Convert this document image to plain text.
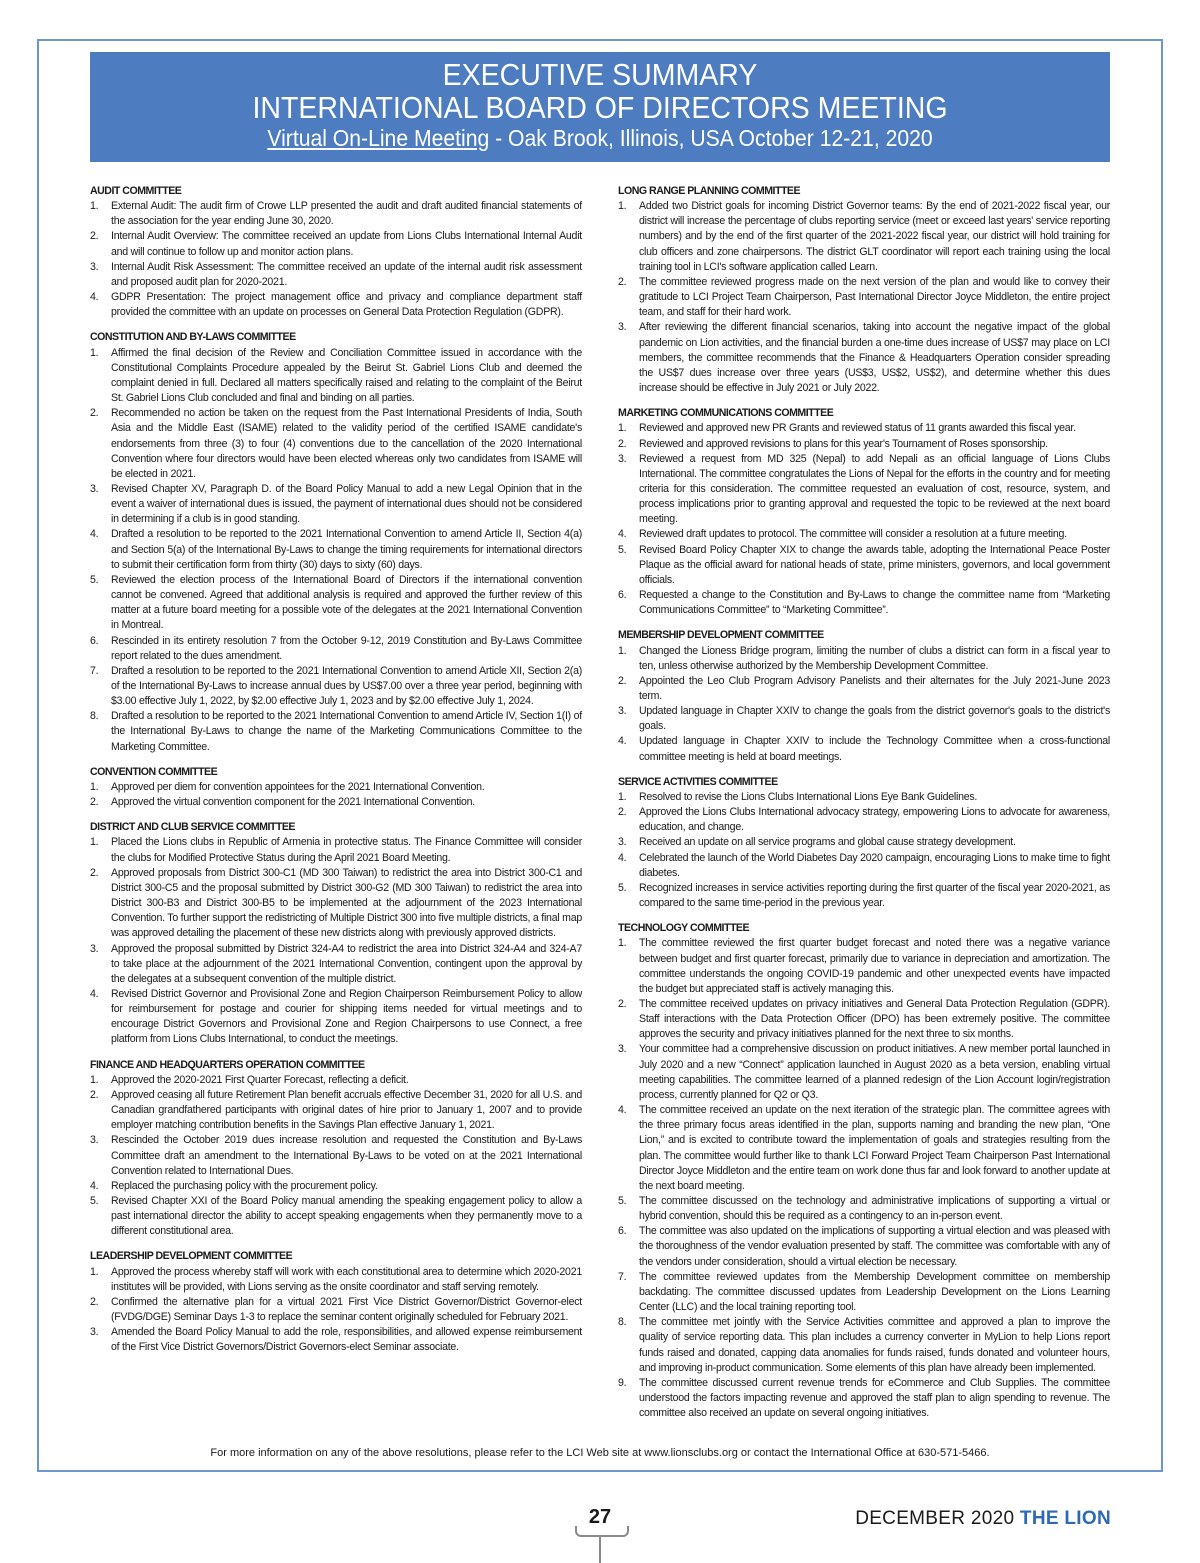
EXECUTIVE SUMMARY
INTERNATIONAL BOARD OF DIRECTORS MEETING
Virtual On-Line Meeting - Oak Brook, Illinois, USA October 12-21, 2020
AUDIT COMMITTEE
1. External Audit: The audit firm of Crowe LLP presented the audit and draft audited financial statements of the association for the year ending June 30, 2020.
2. Internal Audit Overview: The committee received an update from Lions Clubs International Internal Audit and will continue to follow up and monitor action plans.
3. Internal Audit Risk Assessment: The committee received an update of the internal audit risk assessment and proposed audit plan for 2020-2021.
4. GDPR Presentation: The project management office and privacy and compliance department staff provided the committee with an update on processes on General Data Protection Regulation (GDPR).
CONSTITUTION AND BY-LAWS COMMITTEE
1. Affirmed the final decision of the Review and Conciliation Committee issued in accordance with the Constitutional Complaints Procedure appealed by the Beirut St. Gabriel Lions Club and deemed the complaint denied in full. Declared all matters specifically raised and relating to the complaint of the Beirut St. Gabriel Lions Club concluded and final and binding on all parties.
2. Recommended no action be taken on the request from the Past International Presidents of India, South Asia and the Middle East (ISAME) related to the validity period of the certified ISAME candidate's endorsements from three (3) to four (4) conventions due to the cancellation of the 2020 International Convention where four directors would have been elected whereas only two candidates from ISAME will be elected in 2021.
3. Revised Chapter XV, Paragraph D. of the Board Policy Manual to add a new Legal Opinion that in the event a waiver of international dues is issued, the payment of international dues should not be considered in determining if a club is in good standing.
4. Drafted a resolution to be reported to the 2021 International Convention to amend Article II, Section 4(a) and Section 5(a) of the International By-Laws to change the timing requirements for international directors to submit their certification form from thirty (30) days to sixty (60) days.
5. Reviewed the election process of the International Board of Directors if the international convention cannot be convened. Agreed that additional analysis is required and approved the further review of this matter at a future board meeting for a possible vote of the delegates at the 2021 International Convention in Montreal.
6. Rescinded in its entirety resolution 7 from the October 9-12, 2019 Constitution and By-Laws Committee report related to the dues amendment.
7. Drafted a resolution to be reported to the 2021 International Convention to amend Article XII, Section 2(a) of the International By-Laws to increase annual dues by US$7.00 over a three year period, beginning with $3.00 effective July 1, 2022, by $2.00 effective July 1, 2023 and by $2.00 effective July 1, 2024.
8. Drafted a resolution to be reported to the 2021 International Convention to amend Article IV, Section 1(I) of the International By-Laws to change the name of the Marketing Communications Committee to the Marketing Committee.
CONVENTION COMMITTEE
1. Approved per diem for convention appointees for the 2021 International Convention.
2. Approved the virtual convention component for the 2021 International Convention.
DISTRICT AND CLUB SERVICE COMMITTEE
1. Placed the Lions clubs in Republic of Armenia in protective status. The Finance Committee will consider the clubs for Modified Protective Status during the April 2021 Board Meeting.
2. Approved proposals from District 300-C1 (MD 300 Taiwan) to redistrict the area into District 300-C1 and District 300-C5 and the proposal submitted by District 300-G2 (MD 300 Taiwan) to redistrict the area into District 300-B3 and District 300-B5 to be implemented at the adjournment of the 2023 International Convention. To further support the redistricting of Multiple District 300 into five multiple districts, a final map was approved detailing the placement of these new districts along with previously approved districts.
3. Approved the proposal submitted by District 324-A4 to redistrict the area into District 324-A4 and 324-A7 to take place at the adjournment of the 2021 International Convention, contingent upon the approval by the delegates at a subsequent convention of the multiple district.
4. Revised District Governor and Provisional Zone and Region Chairperson Reimbursement Policy to allow for reimbursement for postage and courier for shipping items needed for virtual meetings and to encourage District Governors and Provisional Zone and Region Chairpersons to use Connect, a free platform from Lions Clubs International, to conduct the meetings.
FINANCE AND HEADQUARTERS OPERATION COMMITTEE
1. Approved the 2020-2021 First Quarter Forecast, reflecting a deficit.
2. Approved ceasing all future Retirement Plan benefit accruals effective December 31, 2020 for all U.S. and Canadian grandfathered participants with original dates of hire prior to January 1, 2007 and to provide employer matching contribution benefits in the Savings Plan effective January 1, 2021.
3. Rescinded the October 2019 dues increase resolution and requested the Constitution and By-Laws Committee draft an amendment to the International By-Laws to be voted on at the 2021 International Convention related to International Dues.
4. Replaced the purchasing policy with the procurement policy.
5. Revised Chapter XXI of the Board Policy manual amending the speaking engagement policy to allow a past international director the ability to accept speaking engagements when they permanently move to a different constitutional area.
LEADERSHIP DEVELOPMENT COMMITTEE
1. Approved the process whereby staff will work with each constitutional area to determine which 2020-2021 institutes will be provided, with Lions serving as the onsite coordinator and staff serving remotely.
2. Confirmed the alternative plan for a virtual 2021 First Vice District Governor/District Governor-elect (FVDG/DGE) Seminar Days 1-3 to replace the seminar content originally scheduled for February 2021.
3. Amended the Board Policy Manual to add the role, responsibilities, and allowed expense reimbursement of the First Vice District Governors/District Governors-elect Seminar associate.
LONG RANGE PLANNING COMMITTEE
1. Added two District goals for incoming District Governor teams: By the end of 2021-2022 fiscal year, our district will increase the percentage of clubs reporting service (meet or exceed last years' service reporting numbers) and by the end of the first quarter of the 2021-2022 fiscal year, our district will hold training for club officers and zone chairpersons. The district GLT coordinator will report each training using the local training tool in LCI's software application called Learn.
2. The committee reviewed progress made on the next version of the plan and would like to convey their gratitude to LCI Project Team Chairperson, Past International Director Joyce Middleton, the entire project team, and staff for their hard work.
3. After reviewing the different financial scenarios, taking into account the negative impact of the global pandemic on Lion activities, and the financial burden a one-time dues increase of US$7 may place on LCI members, the committee recommends that the Finance & Headquarters Operation consider spreading the US$7 dues increase over three years (US$3, US$2, US$2), and determine whether this dues increase should be effective in July 2021 or July 2022.
MARKETING COMMUNICATIONS COMMITTEE
1. Reviewed and approved new PR Grants and reviewed status of 11 grants awarded this fiscal year.
2. Reviewed and approved revisions to plans for this year's Tournament of Roses sponsorship.
3. Reviewed a request from MD 325 (Nepal) to add Nepali as an official language of Lions Clubs International. The committee congratulates the Lions of Nepal for the efforts in the country and for meeting criteria for this consideration. The committee requested an evaluation of cost, resource, system, and process implications prior to granting approval and requested the topic to be reviewed at the next board meeting.
4. Reviewed draft updates to protocol. The committee will consider a resolution at a future meeting.
5. Revised Board Policy Chapter XIX to change the awards table, adopting the International Peace Poster Plaque as the official award for national heads of state, prime ministers, governors, and local government officials.
6. Requested a change to the Constitution and By-Laws to change the committee name from “Marketing Communications Committee” to “Marketing Committee”.
MEMBERSHIP DEVELOPMENT COMMITTEE
1. Changed the Lioness Bridge program, limiting the number of clubs a district can form in a fiscal year to ten, unless otherwise authorized by the Membership Development Committee.
2. Appointed the Leo Club Program Advisory Panelists and their alternates for the July 2021-June 2023 term.
3. Updated language in Chapter XXIV to change the goals from the district governor's goals to the district's goals.
4. Updated language in Chapter XXIV to include the Technology Committee when a cross-functional committee meeting is held at board meetings.
SERVICE ACTIVITIES COMMITTEE
1. Resolved to revise the Lions Clubs International Lions Eye Bank Guidelines.
2. Approved the Lions Clubs International advocacy strategy, empowering Lions to advocate for awareness, education, and change.
3. Received an update on all service programs and global cause strategy development.
4. Celebrated the launch of the World Diabetes Day 2020 campaign, encouraging Lions to make time to fight diabetes.
5. Recognized increases in service activities reporting during the first quarter of the fiscal year 2020-2021, as compared to the same time-period in the previous year.
TECHNOLOGY COMMITTEE
1. The committee reviewed the first quarter budget forecast and noted there was a negative variance between budget and first quarter forecast, primarily due to variance in depreciation and amortization. The committee understands the ongoing COVID-19 pandemic and other unexpected events have impacted the budget but appreciated staff is actively managing this.
2. The committee received updates on privacy initiatives and General Data Protection Regulation (GDPR). Staff interactions with the Data Protection Officer (DPO) has been extremely positive. The committee approves the security and privacy initiatives planned for the next three to six months.
3. Your committee had a comprehensive discussion on product initiatives. A new member portal launched in July 2020 and a new “Connect” application launched in August 2020 as a beta version, enabling virtual meeting capabilities. The committee learned of a planned redesign of the Lion Account login/registration process, currently planned for Q2 or Q3.
4. The committee received an update on the next iteration of the strategic plan. The committee agrees with the three primary focus areas identified in the plan, supports naming and branding the new plan, “One Lion,” and is excited to contribute toward the implementation of goals and strategies resulting from the plan. The committee would further like to thank LCI Forward Project Team Chairperson Past International Director Joyce Middleton and the entire team on work done thus far and look forward to another update at the next board meeting.
5. The committee discussed on the technology and administrative implications of supporting a virtual or hybrid convention, should this be required as a contingency to an in-person event.
6. The committee was also updated on the implications of supporting a virtual election and was pleased with the thoroughness of the vendor evaluation presented by staff. The committee was comfortable with any of the vendors under consideration, should a virtual election be necessary.
7. The committee reviewed updates from the Membership Development committee on membership backdating. The committee discussed updates from Leadership Development on the Lions Learning Center (LLC) and the local training reporting tool.
8. The committee met jointly with the Service Activities committee and approved a plan to improve the quality of service reporting data. This plan includes a currency converter in MyLion to help Lions report funds raised and donated, capping data anomalies for funds raised, funds donated and volunteer hours, and improving in-product communication. Some elements of this plan have already been implemented.
9. The committee discussed current revenue trends for eCommerce and Club Supplies. The committee understood the factors impacting revenue and approved the staff plan to align spending to revenue. The committee also received an update on several ongoing initiatives.
For more information on any of the above resolutions, please refer to the LCI Web site at www.lionsclubs.org or contact the International Office at 630-571-5466.
27	DECEMBER 2020 THE LION
